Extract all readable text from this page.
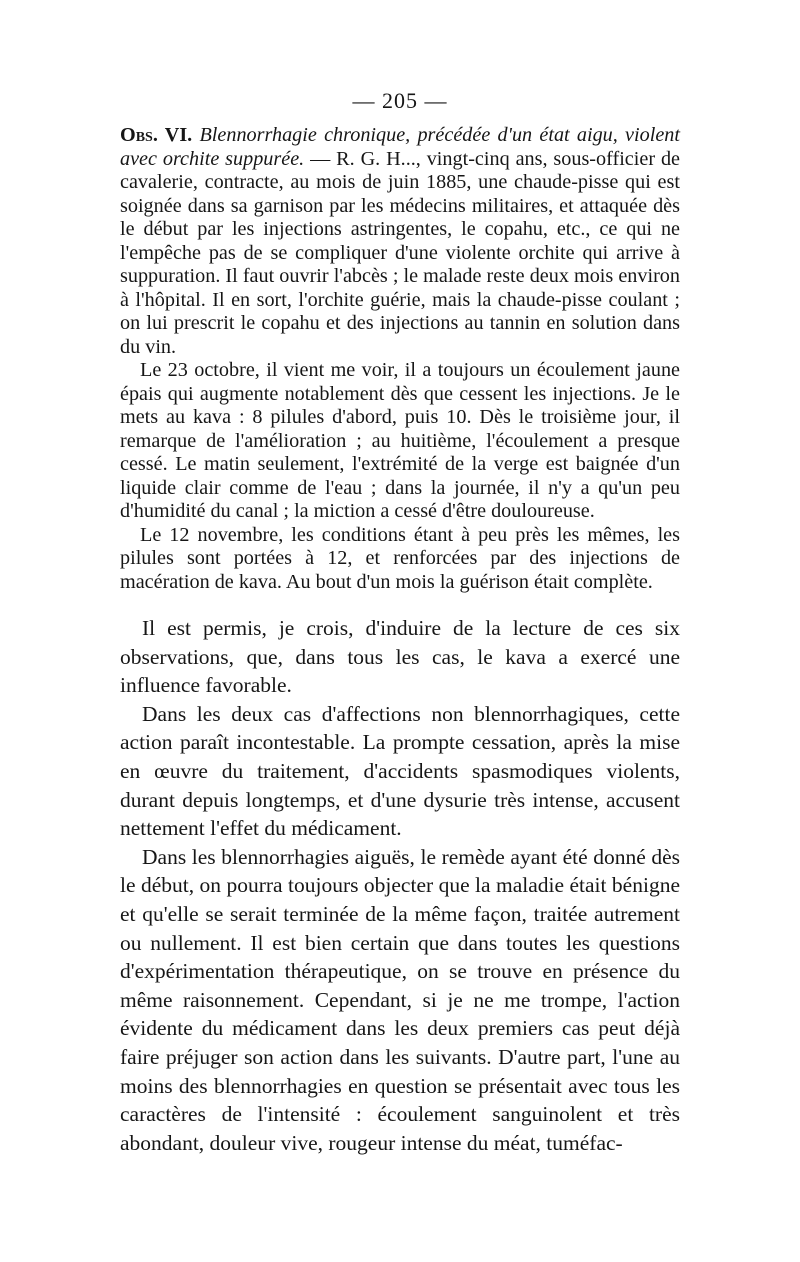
— 205 —

Obs. VI. Blennorrhagie chronique, précédée d'un état aigu, violent avec orchite suppurée. — R. G. H..., vingt-cinq ans, sous-officier de cavalerie, contracte, au mois de juin 1885, une chaude-pisse qui est soignée dans sa garnison par les médecins militaires, et attaquée dès le début par les injections astringentes, le copahu, etc., ce qui ne l'empêche pas de se compliquer d'une violente orchite qui arrive à suppuration. Il faut ouvrir l'abcès ; le malade reste deux mois environ à l'hôpital. Il en sort, l'orchite guérie, mais la chaude-pisse coulant ; on lui prescrit le copahu et des injections au tannin en solution dans du vin.

Le 23 octobre, il vient me voir, il a toujours un écoulement jaune épais qui augmente notablement dès que cessent les injections. Je le mets au kava : 8 pilules d'abord, puis 10. Dès le troisième jour, il remarque de l'amélioration ; au huitième, l'écoulement a presque cessé. Le matin seulement, l'extrémité de la verge est baignée d'un liquide clair comme de l'eau ; dans la journée, il n'y a qu'un peu d'humidité du canal ; la miction a cessé d'être douloureuse.

Le 12 novembre, les conditions étant à peu près les mêmes, les pilules sont portées à 12, et renforcées par des injections de macération de kava. Au bout d'un mois la guérison était complète.

Il est permis, je crois, d'induire de la lecture de ces six observations, que, dans tous les cas, le kava a exercé une influence favorable.

Dans les deux cas d'affections non blennorrhagiques, cette action paraît incontestable. La prompte cessation, après la mise en œuvre du traitement, d'accidents spasmodiques violents, durant depuis longtemps, et d'une dysurie très intense, accusent nettement l'effet du médicament.

Dans les blennorrhagies aiguës, le remède ayant été donné dès le début, on pourra toujours objecter que la maladie était bénigne et qu'elle se serait terminée de la même façon, traitée autrement ou nullement. Il est bien certain que dans toutes les questions d'expérimentation thérapeutique, on se trouve en présence du même raisonnement. Cependant, si je ne me trompe, l'action évidente du médicament dans les deux premiers cas peut déjà faire préjuger son action dans les suivants. D'autre part, l'une au moins des blennorrhagies en question se présentait avec tous les caractères de l'intensité : écoulement sanguinolent et très abondant, douleur vive, rougeur intense du méat, tuméfac-
